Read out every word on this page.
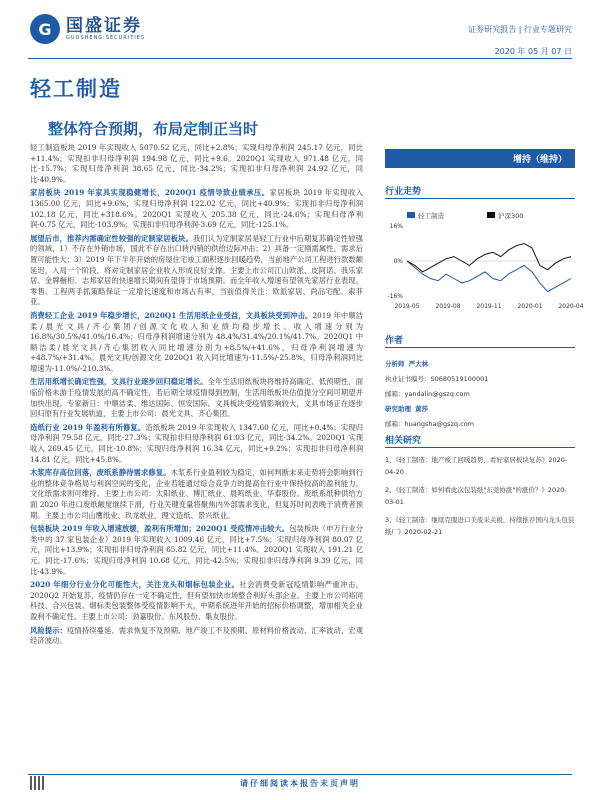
G 国盛证券
GUOSHENG SECURITIES
证券研究报告 | 行业专题研究
2020 年 05 月 07 日
轻工制造
整体符合预期，布局定制正当时

轻工制造板块 2019 年实现收入 5070.52 亿元，同比+2.8%；实现归母净利润 245.17 亿元，同比+11.4%；实现扣非归母净利润 194.98 亿元，同比+9.6。2020Q1 实现收入 971.48 亿元，同比-15.7%；实现归母净利润 38.65 亿元，同比-34.2%；实现扣非归母净利润 24.92 亿元，同比-40.9%。

家居板块 2019 年家具实现稳健增长，2020Q1 疫情导致业绩承压。家居板块 2019 年实现收入 1365.00 亿元，同比+9.6%；实现归母净利润 122.02 亿元，同比+40.9%；实现扣非归母净利润 102.18 亿元，同比+318.6%。2020Q1 实现收入 205.38 亿元，同比-24.6%；实现归母净利润-0.75 亿元，同比-103.9%；实现扣非归母净利润-3.69 亿元，同比-125.1%。

展望后市，推荐内需确定性较强的定制家居板块。我们认为定制家居是轻工行业中后期复苏确定性较强的领域，1）不存在外销市场，国此不存在出口转内销的供给边际冲击；2）具备一定刚需属性，需求后置可能性大；3）2019 年下半年开始的房屋住宅竣工面积逐步回暖趋势，当前地产公司工程进行款数额延迟，入局一个阶段，将对定制家居企业收入形成良好支撑。主要上市公司江山欧派、皮阿诺、我乐家居、金牌橱柜、志邦家居的快速增长期间有望得于市场预期。而全年收入增速有望领先家居行业表现。零售、工程两手抓策略保证一定增长速度和市场占有率，当前值得关注：欧派家居、尚品宅配、索菲亚。

消费轻工企业 2019 年稳步增长，2020Q1 生活用纸企业受益，文具板块受到冲击。2019 年中顺洁柔/晨光文具/齐心集团/创源文化收入和业绩均稳步增长。收入增速分别为 16.8%/30.5%/41.0%/16.4%；归母净利润增速分别为 48.4%/31.4%/20.1%/41.7%。2020Q1 中顺洁柔/晨光文具/齐心集团收入同比增速分别为+8.5%/+41.6%，归母净利润增速为+48.7%/+31.4%。晨光文具/创源文化 2020Q1 收入同比增速为-11.5%/-25.8%，归母净利润同比增速为-11.0%/-210.3%。

生活用纸增长确定性强，文具行业逐步回归稳定增长。全年生活用纸板块将维持高确定、低预期性，面临价格未游于疫情发展的高不确定性，若后期全球疫情得到控制，生活用纸板块估值提分空间可期望并加快出现。专家新日：中顺洁柔、维达国际、恒安国际。文具板块受疫情影响较大，文具市场正在逐步回归原有行业发展轨道，主要上市公司：晨光文具、齐心集团。

造纸行业 2019 年盈利有所修复。造纸板块 2019 年实现收入 1347.60 亿元，同比+0.4%；实现归母净利润 79.58 亿元，同比-27.3%；实现扣非归母净利润 61.03 亿元，同比-34.2%。2020Q1 实现收入 269.45 亿元，同比-10.8%；实现归母净利润 16.34 亿元，同比+9.2%；实现扣非归母净利润 14.81 亿元，同比+45.8%。

木浆库存高位回落，废纸系静待需求修复。木浆系行业盈利较为稳定，如何判断未来走势将会影响到行业的整体竞争格局与利润空间的变化，企业若能通过综合竞争力的提高在行业中保持较高的盈利能力，文化纸需求则可维持。主要上市公司：太阳纸业、博汇纸业、晨鸣纸业、华泰股份。废纸系纸种供给方面 2020 年进口废纸额度继续下滑，行业关键变量将聚焦内外部需求变化，但复苏时间表晚于消费者预期。主要上市公司山鹰纸业、玖龙纸业、理文造纸、景兴纸业。

包装板块 2019 年收入增速放缓，盈利有所增加；2020Q1 受疫情冲击较大。包装板块（申万行业分类中的 37 家包装企业）2019 年实现收入 1009.46 亿元，同比+7.5%；实现归母净利润 80.07 亿元，同比+13.9%；实现扣非归母净利润 65.82 亿元，同比+11.4%。2020Q1 实现收入 191.21 亿元，同比-17.6%；实现归母净利润 10.68 亿元，同比-42.5%；实现扣非归母净利润 9.39 亿元，同比-43.9%。

2020 年细分行业分化可能性大，关注龙头和烟标包装企业。社会消费受新冠疫情影响严重冲击，2020Q2 开始复苏，疫情仍存在一定不确定性，但有望加快市场整合利好头部企业。主要上市公司裕同科技、合兴包装。烟标类包装整体受疫情影响不大，中期系统进年开始的招标价格调整，增加相关企业盈利不确定性。主要上市公司：劲嘉股份、东风股份、集友股份。

风险提示：疫情持续蔓延、需求恢复不及预期、地产竣工不及预期、原材料价格波动、汇率波动、宏观经济波动。

增持（维持）
行业走势
轻工制造	沪深300
16%
0%
-16%
2019-05	2019-08	2019-11	2020-01	2020-04
作者
分析师 严大林
执业证书编号：S0680519100001
邮箱：yandalin@gszq.com
研究助理 黄莎
邮箱：huangsha@gszq.com
相关研究
1、《轻工制造：地产竣工回暖趋势，看好家居板块复苏》2020-04-20
2、《轻工制造：如何看此次包装纸"东莞协涨"的涨价？》2020-03-01
3、《轻工制造：继续克服进口美废采关税，持续推荐国内龙头包装纸厂》2020-02-21
请仔细阅读本报告末页声明
